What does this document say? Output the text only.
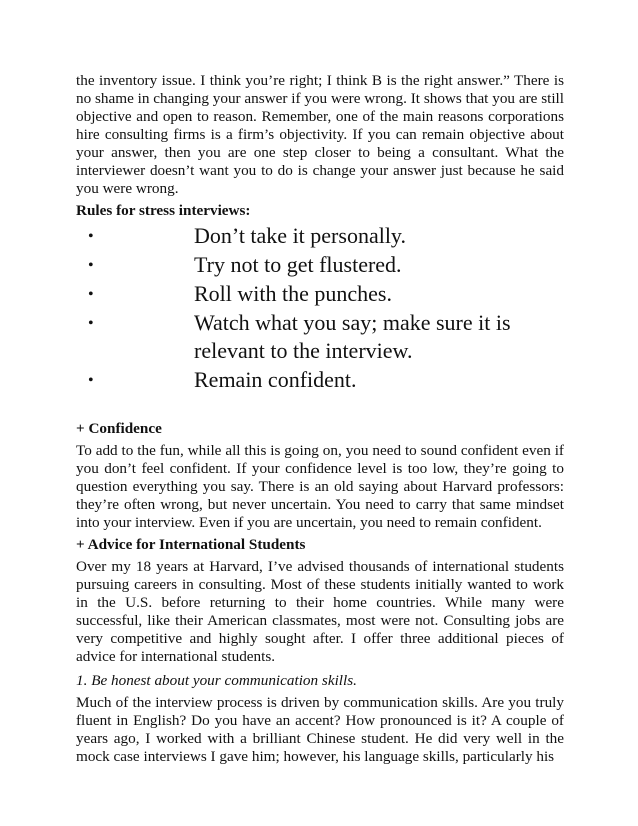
the inventory issue. I think you’re right; I think B is the right answer.” There is no shame in changing your answer if you were wrong. It shows that you are still objective and open to reason. Remember, one of the main reasons corporations hire consulting firms is a firm’s objectivity. If you can remain objective about your answer, then you are one step closer to being a consultant. What the interviewer doesn’t want you to do is change your answer just because he said you were wrong.

Rules for stress interviews:

•	Don’t take it personally.
•	Try not to get flustered.
•	Roll with the punches.
•	Watch what you say; make sure it is relevant to the interview.
•	Remain confident.

+ Confidence

To add to the fun, while all this is going on, you need to sound confident even if you don’t feel confident. If your confidence level is too low, they’re going to question everything you say. There is an old saying about Harvard professors: they’re often wrong, but never uncertain. You need to carry that same mindset into your interview. Even if you are uncertain, you need to remain confident.

+ Advice for International Students

Over my 18 years at Harvard, I’ve advised thousands of international students pursuing careers in consulting. Most of these students initially wanted to work in the U.S. before returning to their home countries. While many were successful, like their American classmates, most were not. Consulting jobs are very competitive and highly sought after. I offer three additional pieces of advice for international students.

1. Be honest about your communication skills.

Much of the interview process is driven by communication skills. Are you truly fluent in English? Do you have an accent? How pronounced is it? A couple of years ago, I worked with a brilliant Chinese student. He did very well in the mock case interviews I gave him; however, his language skills, particularly his
